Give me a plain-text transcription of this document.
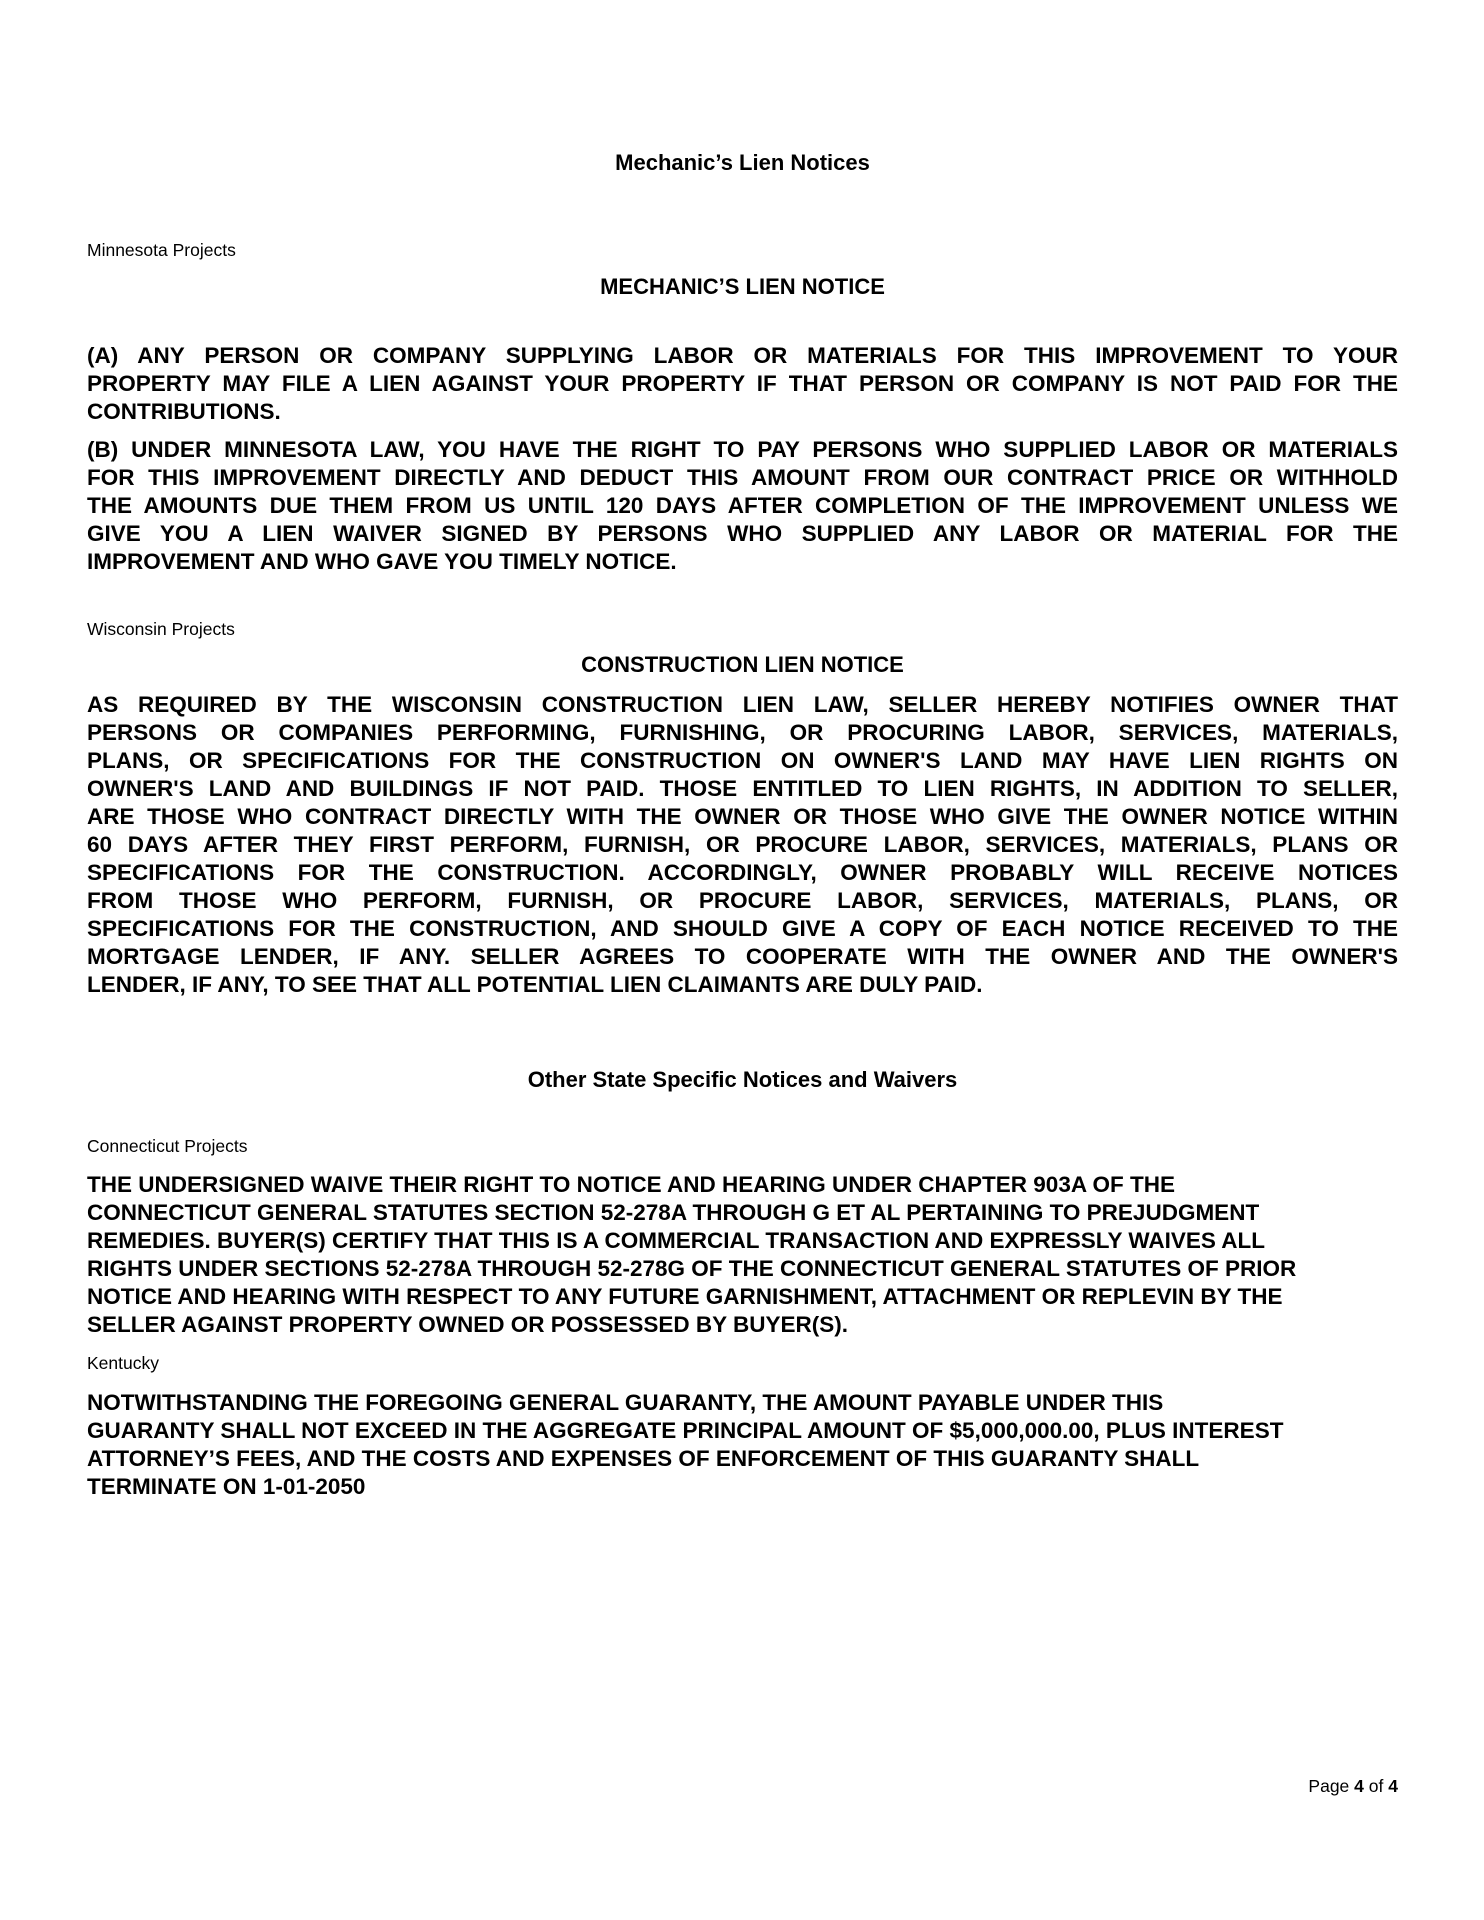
Mechanic’s Lien Notices
Minnesota Projects
MECHANIC’S LIEN NOTICE
(A) ANY PERSON OR COMPANY SUPPLYING LABOR OR MATERIALS FOR THIS IMPROVEMENT TO YOUR
PROPERTY MAY FILE A LIEN AGAINST YOUR PROPERTY IF THAT PERSON OR COMPANY IS NOT PAID FOR THE
CONTRIBUTIONS.
(B) UNDER MINNESOTA LAW, YOU HAVE THE RIGHT TO PAY PERSONS WHO SUPPLIED LABOR OR MATERIALS
FOR THIS IMPROVEMENT DIRECTLY AND DEDUCT THIS AMOUNT FROM OUR CONTRACT PRICE OR WITHHOLD
THE AMOUNTS DUE THEM FROM US UNTIL 120 DAYS AFTER COMPLETION OF THE IMPROVEMENT UNLESS WE
GIVE YOU A LIEN WAIVER SIGNED BY PERSONS WHO SUPPLIED ANY LABOR OR MATERIAL FOR THE
IMPROVEMENT AND WHO GAVE YOU TIMELY NOTICE.
Wisconsin Projects
CONSTRUCTION LIEN NOTICE
AS REQUIRED BY THE WISCONSIN CONSTRUCTION LIEN LAW, SELLER HEREBY NOTIFIES OWNER THAT
PERSONS OR COMPANIES PERFORMING, FURNISHING, OR PROCURING LABOR, SERVICES, MATERIALS,
PLANS, OR SPECIFICATIONS FOR THE CONSTRUCTION ON OWNER'S LAND MAY HAVE LIEN RIGHTS ON
OWNER'S LAND AND BUILDINGS IF NOT PAID. THOSE ENTITLED TO LIEN RIGHTS, IN ADDITION TO SELLER,
ARE THOSE WHO CONTRACT DIRECTLY WITH THE OWNER OR THOSE WHO GIVE THE OWNER NOTICE WITHIN
60 DAYS AFTER THEY FIRST PERFORM, FURNISH, OR PROCURE LABOR, SERVICES, MATERIALS, PLANS OR
SPECIFICATIONS FOR THE CONSTRUCTION. ACCORDINGLY, OWNER PROBABLY WILL RECEIVE NOTICES
FROM THOSE WHO PERFORM, FURNISH, OR PROCURE LABOR, SERVICES, MATERIALS, PLANS, OR
SPECIFICATIONS FOR THE CONSTRUCTION, AND SHOULD GIVE A COPY OF EACH NOTICE RECEIVED TO THE
MORTGAGE LENDER, IF ANY. SELLER AGREES TO COOPERATE WITH THE OWNER AND THE OWNER'S
LENDER, IF ANY, TO SEE THAT ALL POTENTIAL LIEN CLAIMANTS ARE DULY PAID.
Other State Specific Notices and Waivers
Connecticut Projects
THE UNDERSIGNED WAIVE THEIR RIGHT TO NOTICE AND HEARING UNDER CHAPTER 903A OF THE
CONNECTICUT GENERAL STATUTES SECTION 52-278A THROUGH G ET AL PERTAINING TO PREJUDGMENT
REMEDIES. BUYER(S) CERTIFY THAT THIS IS A COMMERCIAL TRANSACTION AND EXPRESSLY WAIVES ALL
RIGHTS UNDER SECTIONS 52-278A THROUGH 52-278G OF THE CONNECTICUT GENERAL STATUTES OF PRIOR
NOTICE AND HEARING WITH RESPECT TO ANY FUTURE GARNISHMENT, ATTACHMENT OR REPLEVIN BY THE
SELLER AGAINST PROPERTY OWNED OR POSSESSED BY BUYER(S).
Kentucky
NOTWITHSTANDING THE FOREGOING GENERAL GUARANTY, THE AMOUNT PAYABLE UNDER THIS
GUARANTY SHALL NOT EXCEED IN THE AGGREGATE PRINCIPAL AMOUNT OF $5,000,000.00, PLUS INTEREST
ATTORNEY’S FEES, AND THE COSTS AND EXPENSES OF ENFORCEMENT OF THIS GUARANTY SHALL
TERMINATE ON 1-01-2050
Page 4 of 4
